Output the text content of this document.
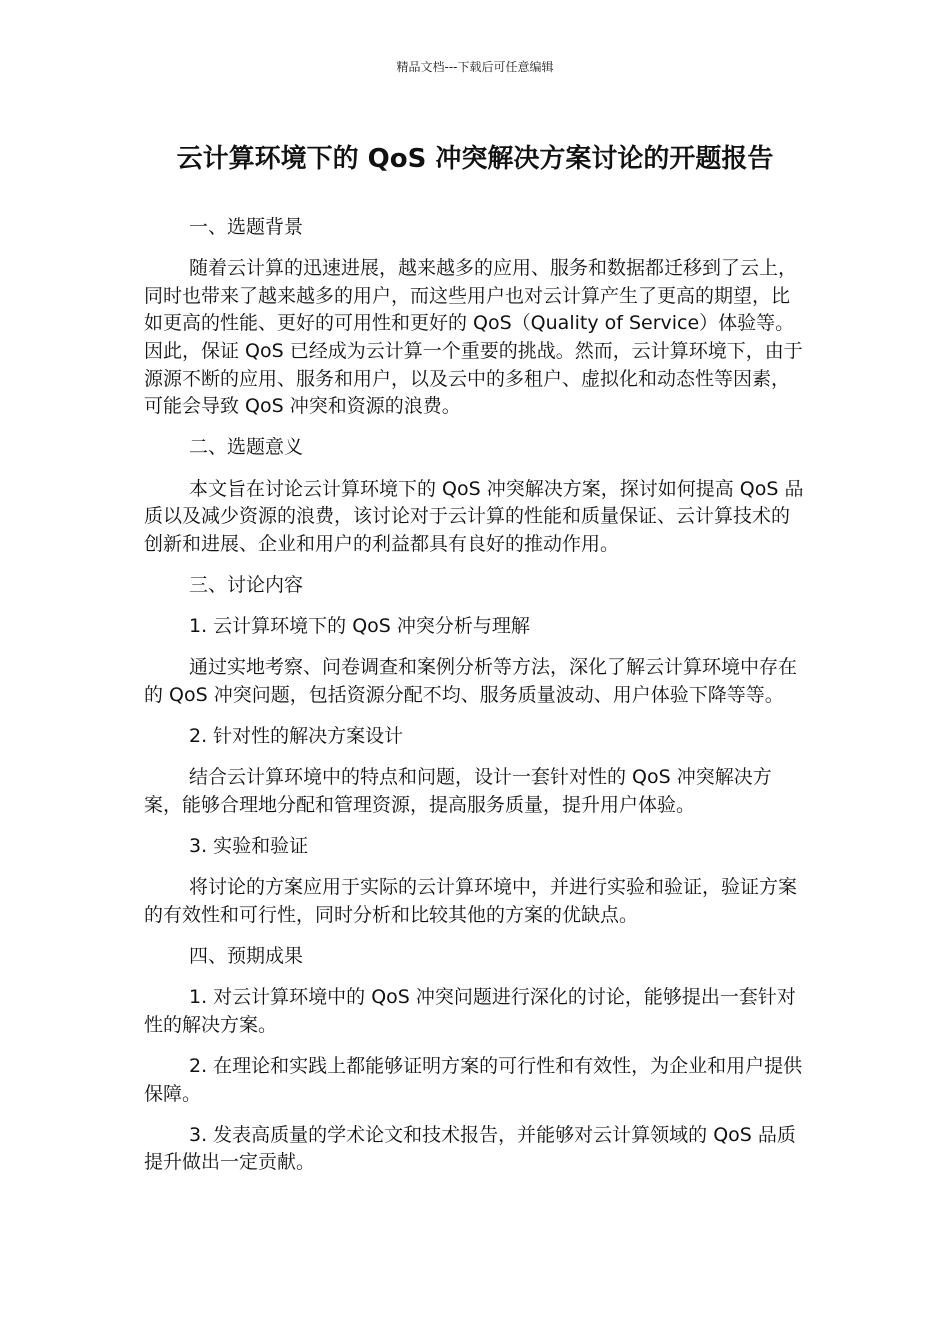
精品文档---下载后可任意编辑
云计算环境下的 QoS 冲突解决方案讨论的开题报告

一、选题背景

随着云计算的迅速进展，越来越多的应用、服务和数据都迁移到了云上，同时也带来了越来越多的用户，而这些用户也对云计算产生了更高的期望，比如更高的性能、更好的可用性和更好的 QoS（Quality of Service）体验等。因此，保证 QoS 已经成为云计算一个重要的挑战。然而，云计算环境下，由于源源不断的应用、服务和用户，以及云中的多租户、虚拟化和动态性等因素，可能会导致 QoS 冲突和资源的浪费。

二、选题意义

本文旨在讨论云计算环境下的 QoS 冲突解决方案，探讨如何提高 QoS 品质以及减少资源的浪费，该讨论对于云计算的性能和质量保证、云计算技术的创新和进展、企业和用户的利益都具有良好的推动作用。

三、讨论内容

1. 云计算环境下的 QoS 冲突分析与理解

通过实地考察、问卷调查和案例分析等方法，深化了解云计算环境中存在的 QoS 冲突问题，包括资源分配不均、服务质量波动、用户体验下降等等。

2. 针对性的解决方案设计

结合云计算环境中的特点和问题，设计一套针对性的 QoS 冲突解决方案，能够合理地分配和管理资源，提高服务质量，提升用户体验。

3. 实验和验证

将讨论的方案应用于实际的云计算环境中，并进行实验和验证，验证方案的有效性和可行性，同时分析和比较其他的方案的优缺点。

四、预期成果

1. 对云计算环境中的 QoS 冲突问题进行深化的讨论，能够提出一套针对性的解决方案。

2. 在理论和实践上都能够证明方案的可行性和有效性，为企业和用户提供保障。

3. 发表高质量的学术论文和技术报告，并能够对云计算领域的 QoS 品质提升做出一定贡献。
